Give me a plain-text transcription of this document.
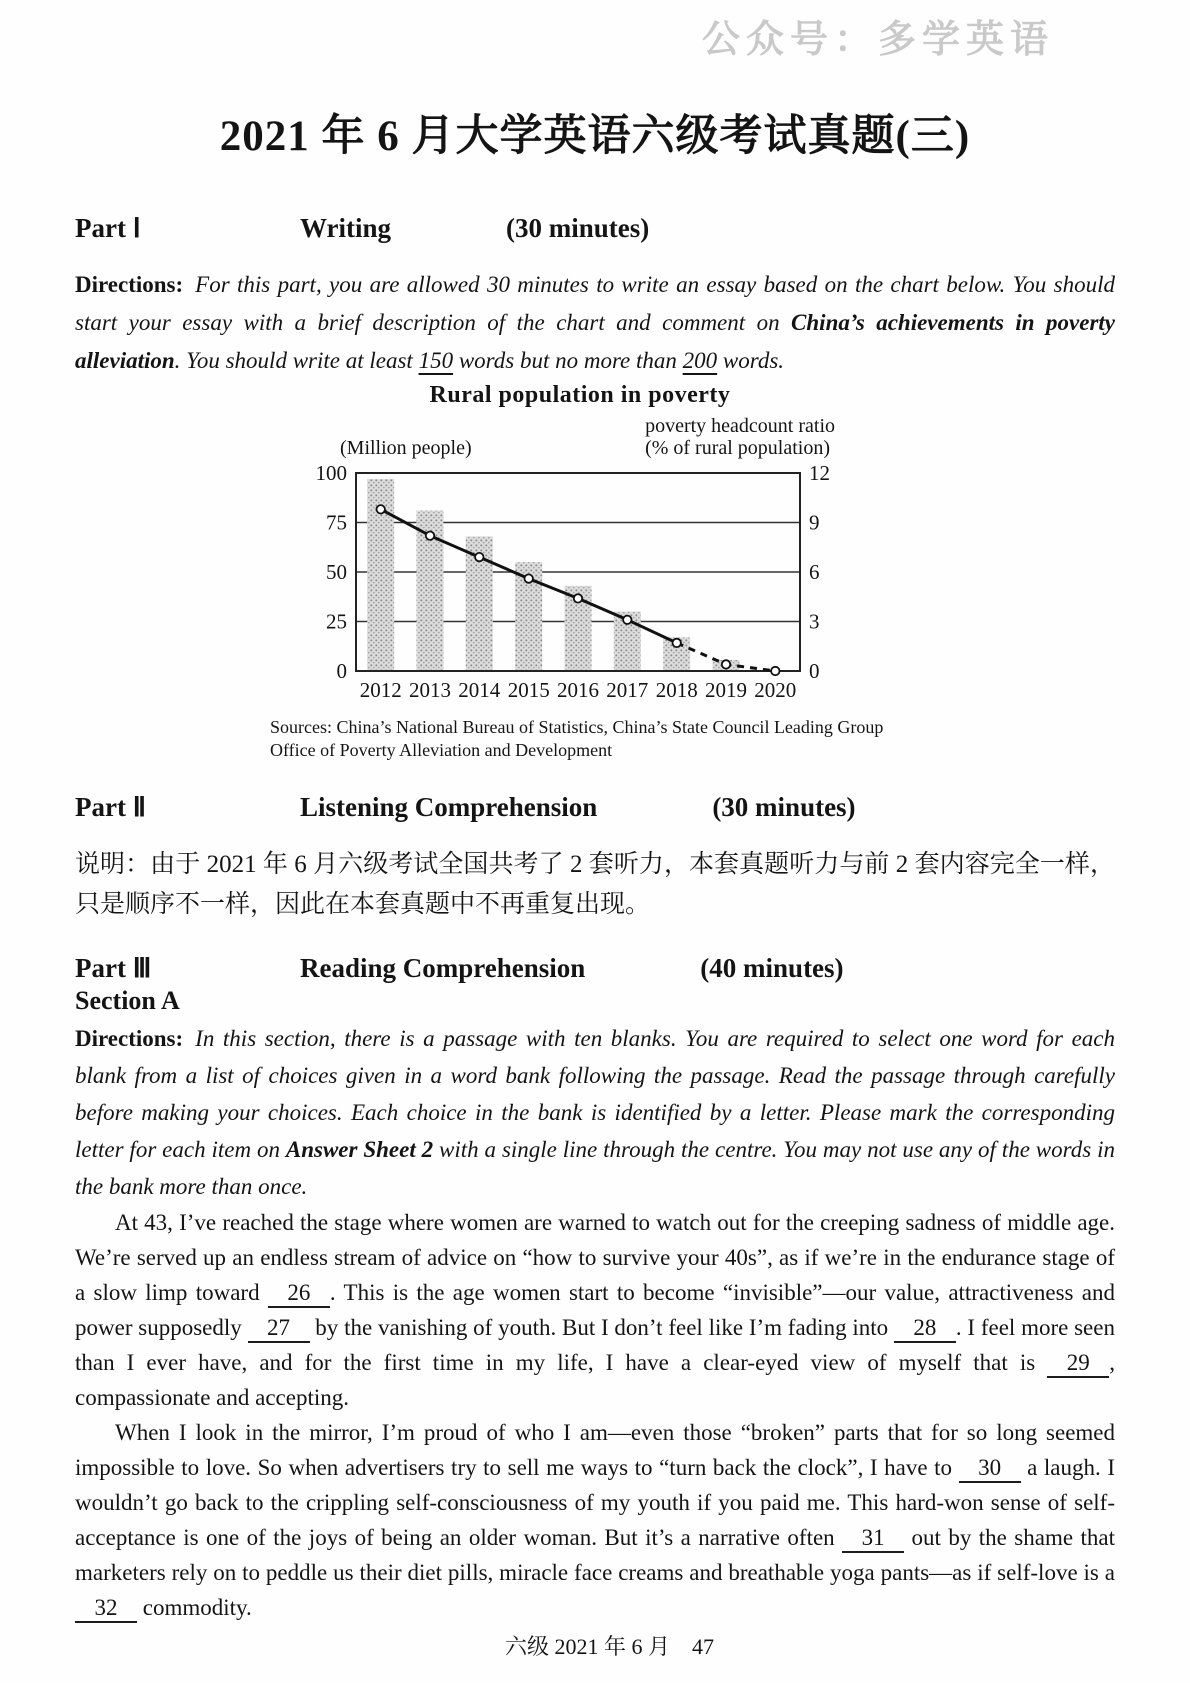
公众号：多学英语
2021 年 6 月大学英语六级考试真题(三)
Part Ⅰ	Writing	(30 minutes)

Directions: For this part, you are allowed 30 minutes to write an essay based on the chart below. You should start your essay with a brief description of the chart and comment on China’s achievements in poverty alleviation. You should write at least 150 words but no more than 200 words.

Rural population in poverty
(Million people)
poverty headcount ratio
(% of rural population)
0
25
50
75
100
0
3
6
9
12
2012 2013 2014 2015 2016 2017 2018 2019 2020
Sources: China’s National Bureau of Statistics, China’s State Council Leading Group Office of Poverty Alleviation and Development
Part Ⅱ	Listening Comprehension	(30 minutes)

说明：由于 2021 年 6 月六级考试全国共考了 2 套听力，本套真题听力与前 2 套内容完全一样，只是顺序不一样，因此在本套真题中不再重复出现。

Part Ⅲ	Reading Comprehension	(40 minutes)
Section A

Directions: In this section, there is a passage with ten blanks. You are required to select one word for each blank from a list of choices given in a word bank following the passage. Read the passage through carefully before making your choices. Each choice in the bank is identified by a letter. Please mark the corresponding letter for each item on Answer Sheet 2 with a single line through the centre. You may not use any of the words in the bank more than once.

At 43, I’ve reached the stage where women are warned to watch out for the creeping sadness of middle age. We’re served up an endless stream of advice on “how to survive your 40s”, as if we’re in the endurance stage of a slow limp toward 26 . This is the age women start to become “invisible”—our value, attractiveness and power supposedly 27 by the vanishing of youth. But I don’t feel like I’m fading into 28 . I feel more seen than I ever have, and for the first time in my life, I have a clear-eyed view of myself that is 29 , compassionate and accepting.

When I look in the mirror, I’m proud of who I am—even those “broken” parts that for so long seemed impossible to love. So when advertisers try to sell me ways to “turn back the clock”, I have to 30 a laugh. I wouldn’t go back to the crippling self-consciousness of my youth if you paid me. This hard-won sense of self-acceptance is one of the joys of being an older woman. But it’s a narrative often 31 out by the shame that marketers rely on to peddle us their diet pills, miracle face creams and breathable yoga pants—as if self-love is a 32 commodity.

六级 2021 年 6 月　47
